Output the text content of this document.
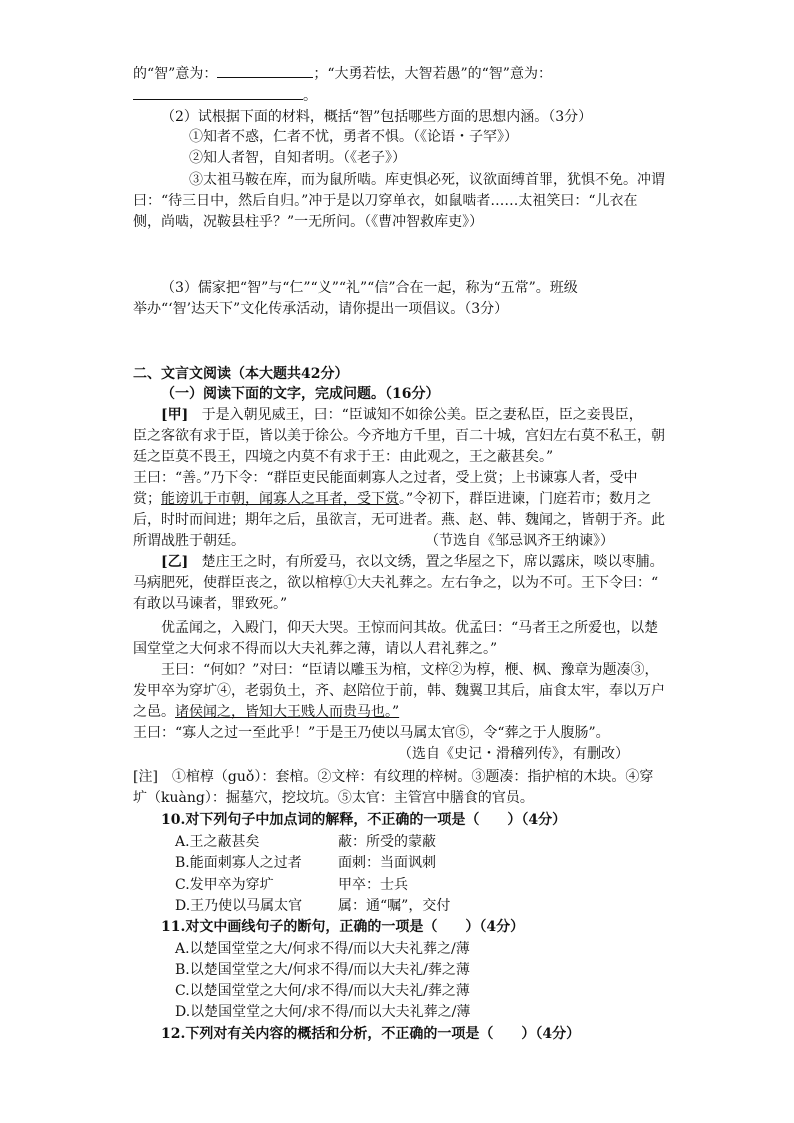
的“智”意为：	；“大勇若怯，大智若愚”的“智”意为：
。
（2）试根据下面的材料，概括“智”包括哪些方面的思想内涵。（3分）
①知者不惑，仁者不忧，勇者不惧。（《论语・子罕》）
②知人者智，自知者明。（《老子》）
③太祖马鞍在库，而为鼠所啮。库吏惧必死，议欲面缚首罪，犹惧不免。冲谓
曰：“待三日中，然后自归。”冲于是以刀穿单衣，如鼠啮者……太祖笑曰：“儿衣在
侧，尚啮，况鞍县柱乎？”一无所问。（《曹冲智救库吏》）
（3）儒家把“智”与“仁”“义”“礼”“信”合在一起，称为“五常”。班级
举办“‘智’达天下”文化传承活动，请你提出一项倡议。（3分）
二、文言文阅读（本大题共42分）
（一）阅读下面的文字，完成问题。（16分）
[甲] 于是入朝见威王，曰：“臣诚知不如徐公美。臣之妻私臣，臣之妾畏臣，
臣之客欲有求于臣，皆以美于徐公。今齐地方千里，百二十城，宫妇左右莫不私王，朝
廷之臣莫不畏王，四境之内莫不有求于王：由此观之，王之蔽甚矣。”
王曰：“善。”乃下令：“群臣吏民能面刺寡人之过者，受上赏；上书谏寡人者，受中
赏；能谤讥于市朝，闻寡人之耳者，受下赏。”令初下，群臣进谏，门庭若市；数月之
后，时时而间进；期年之后，虽欲言，无可进者。燕、赵、韩、魏闻之，皆朝于齐。此
所谓战胜于朝廷。	（节选自《邹忌讽齐王纳谏》）
[乙] 楚庄王之时，有所爱马，衣以文绣，置之华屋之下，席以露床，啖以枣脯。
马病肥死，使群臣丧之，欲以棺椁①大夫礼葬之。左右争之，以为不可。王下令曰：“
有敢以马谏者，罪致死。”
优孟闻之，入殿门，仰天大哭。王惊而问其故。优孟曰：“马者王之所爱也，以楚
国堂堂之大何求不得而以大夫礼葬之薄，请以人君礼葬之。”
王曰：“何如？”对曰：“臣请以雕玉为棺，文梓②为椁，楩、枫、豫章为题凑③，
发甲卒为穿圹④，老弱负土，齐、赵陪位于前，韩、魏翼卫其后，庙食太牢，奉以万户
之邑。诸侯闻之，皆知大王贱人而贵马也。”
王曰：“寡人之过一至此乎！”于是王乃使以马属太官⑤，令“葬之于人腹肠”。
（选自《史记・滑稽列传》，有删改）
[注]　①棺椁（guǒ）：套棺。②文梓：有纹理的梓树。③题凑：指护棺的木块。④穿
圹（kuàng）：掘墓穴，挖坟坑。⑤太官：主管宫中膳食的官员。
10.对下列句子中加点词的解释，不正确的一项是（　　）（4分）
A.王之蔽甚矣	蔽：所受的蒙蔽
B.能面刺寡人之过者	面刺：当面讽刺
C.发甲卒为穿圹	甲卒：士兵
D.王乃使以马属太官	属：通“嘱”，交付
11.对文中画线句子的断句，正确的一项是（　　）（4分）
A.以楚国堂堂之大/何求不得/而以大夫礼葬之/薄
B.以楚国堂堂之大/何求不得/而以大夫礼/葬之薄
C.以楚国堂堂之大何/求不得/而以大夫礼/葬之薄
D.以楚国堂堂之大何/求不得/而以大夫礼葬之/薄
12.下列对有关内容的概括和分析，不正确的一项是（　　）（4分）
